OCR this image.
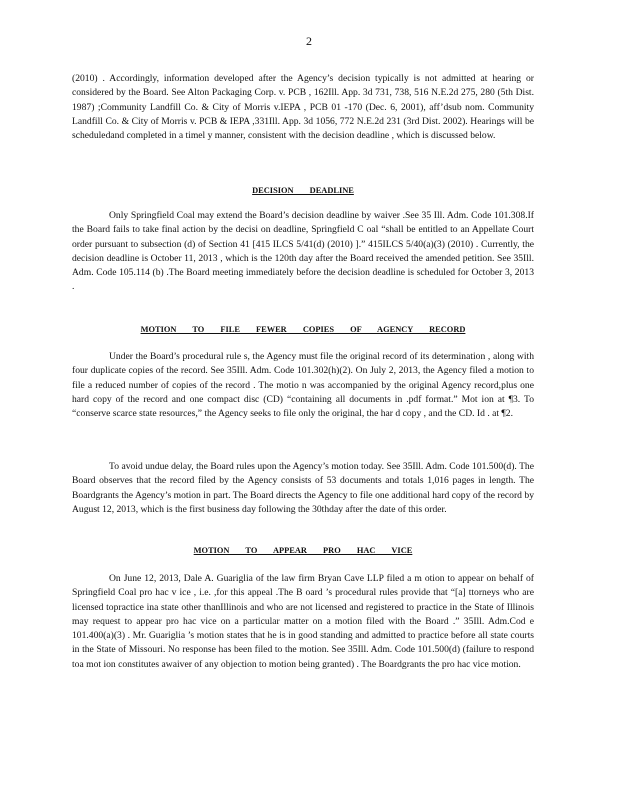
2

(2010) . Accordingly, information developed after the Agency’s decision typically is not admitted at hearing or considered by the Board. See Alton Packaging Corp. v. PCB , 162Ill. App. 3d 731, 738, 516 N.E.2d 275, 280 (5th Dist. 1987) ;Community Landfill Co. & City of Morris v.IEPA , PCB 01 -170 (Dec. 6, 2001), aff’dsub nom. Community Landfill Co. & City of Morris v. PCB & IEPA ,331Ill. App. 3d 1056, 772 N.E.2d 231 (3rd Dist. 2002). Hearings will be scheduledand completed in a timel y manner, consistent with the decision deadline , which is discussed below.

DECISION DEADLINE

Only Springfield Coal may extend the Board’s decision deadline by waiver .See 35 Ill. Adm. Code 101.308.If the Board fails to take final action by the decisi on deadline, Springfield C oal “shall be entitled to an Appellate Court order pursuant to subsection (d) of Section 41 [415 ILCS 5/41(d) (2010) ].” 415ILCS 5/40(a)(3) (2010) . Currently, the decision deadline is October 11, 2013 , which is the 120th day after the Board received the amended petition. See 35Ill. Adm. Code 105.114 (b) .The Board meeting immediately before the decision deadline is scheduled for October 3, 2013 .

MOTION TO FILE FEWER COPIES OF AGENCY RECORD

Under the Board’s procedural rule s, the Agency must file the original record of its determination , along with four duplicate copies of the record. See 35Ill. Adm. Code 101.302(h)(2). On July 2, 2013, the Agency filed a motion to file a reduced number of copies of the record . The motio n was accompanied by the original Agency record,plus one hard copy of the record and one compact disc (CD) “containing all documents in .pdf format.” Mot ion at ¶3. To “conserve scarce state resources,” the Agency seeks to file only the original, the har d copy , and the CD. Id . at ¶2.

To avoid undue delay, the Board rules upon the Agency’s motion today. See 35Ill. Adm. Code 101.500(d). The Board observes that the record filed by the Agency consists of 53 documents and totals 1,016 pages in length. The Boardgrants the Agency’s motion in part. The Board directs the Agency to file one additional hard copy of the record by August 12, 2013, which is the first business day following the 30thday after the date of this order.

MOTION TO APPEAR PRO HAC VICE

On June 12, 2013, Dale A. Guariglia of the law firm Bryan Cave LLP filed a m otion to appear on behalf of Springfield Coal pro hac v ice , i.e. ,for this appeal .The B oard ’s procedural rules provide that “[a] ttorneys who are licensed topractice ina state other thanIllinois and who are not licensed and registered to practice in the State of Illinois may request to appear pro hac vice on a particular matter on a motion filed with the Board .” 35Ill. Adm.Cod e 101.400(a)(3) . Mr. Guariglia ’s motion states that he is in good standing and admitted to practice before all state courts in the State of Missouri. No response has been filed to the motion. See 35Ill. Adm. Code 101.500(d) (failure to respond toa mot ion constitutes awaiver of any objection to motion being granted) . The Boardgrants the pro hac vice motion.
